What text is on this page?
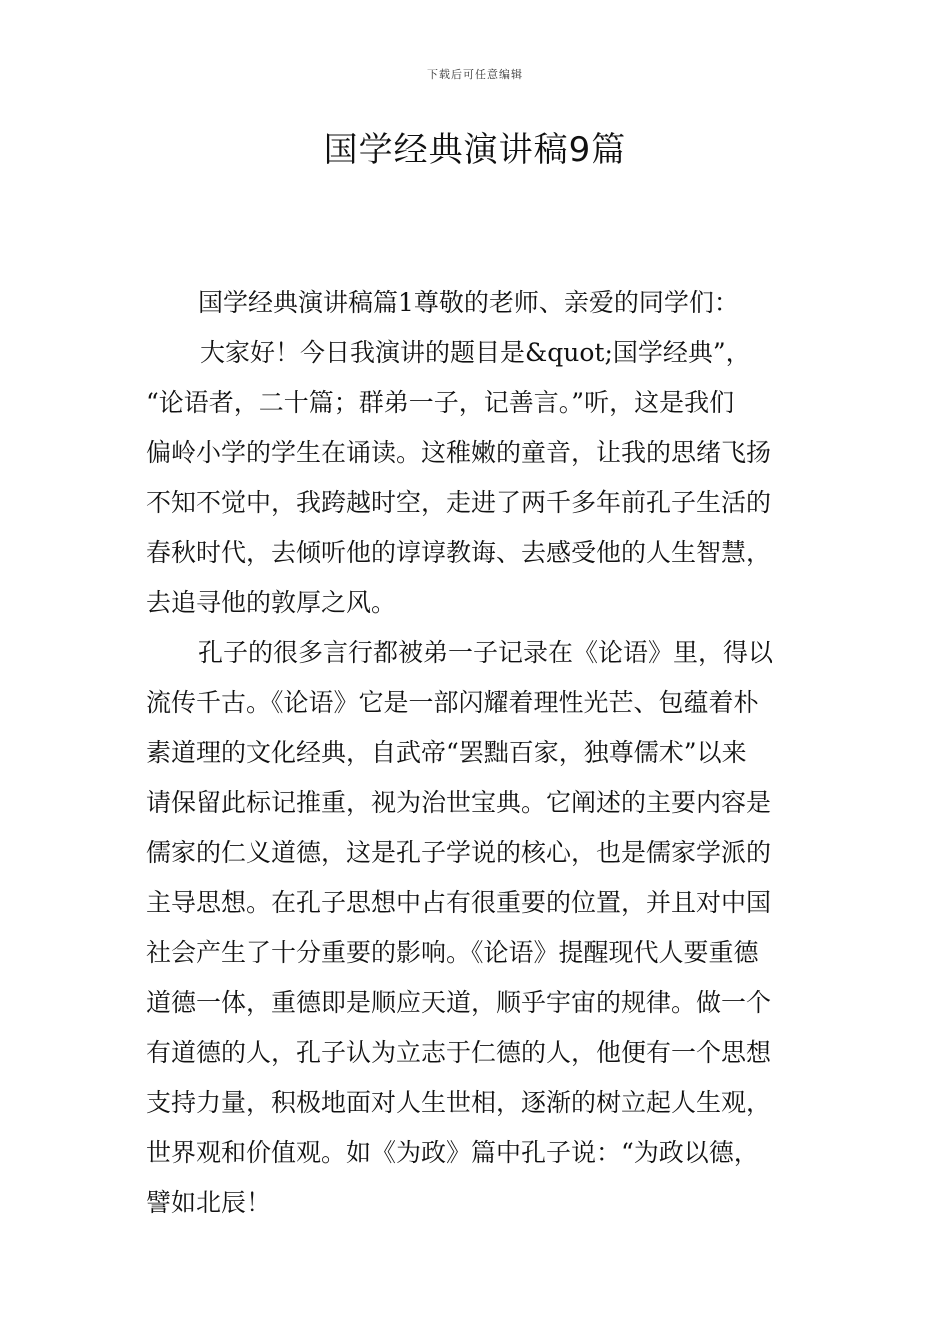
下载后可任意编辑
国学经典演讲稿9篇
国学经典演讲稿篇1尊敬的老师、亲爱的同学们：
大家好！今日我演讲的题目是&quot;国学经典”，
“论语者，二十篇；群弟一子，记善言。”听，这是我们
偏岭小学的学生在诵读。这稚嫩的童音，让我的思绪飞扬
不知不觉中，我跨越时空，走进了两千多年前孔子生活的
春秋时代，去倾听他的谆谆教诲、去感受他的人生智慧，
去追寻他的敦厚之风。
孔子的很多言行都被弟一子记录在《论语》里，得以
流传千古。《论语》它是一部闪耀着理性光芒、包蕴着朴
素道理的文化经典，自武帝“罢黜百家，独尊儒术”以来
请保留此标记推重，视为治世宝典。它阐述的主要内容是
儒家的仁义道德，这是孔子学说的核心，也是儒家学派的
主导思想。在孔子思想中占有很重要的位置，并且对中国
社会产生了十分重要的影响。《论语》提醒现代人要重德
道德一体，重德即是顺应天道，顺乎宇宙的规律。做一个
有道德的人，孔子认为立志于仁德的人，他便有一个思想
支持力量，积极地面对人生世相，逐渐的树立起人生观，
世界观和价值观。如《为政》篇中孔子说：“为政以德，
譬如北辰！
